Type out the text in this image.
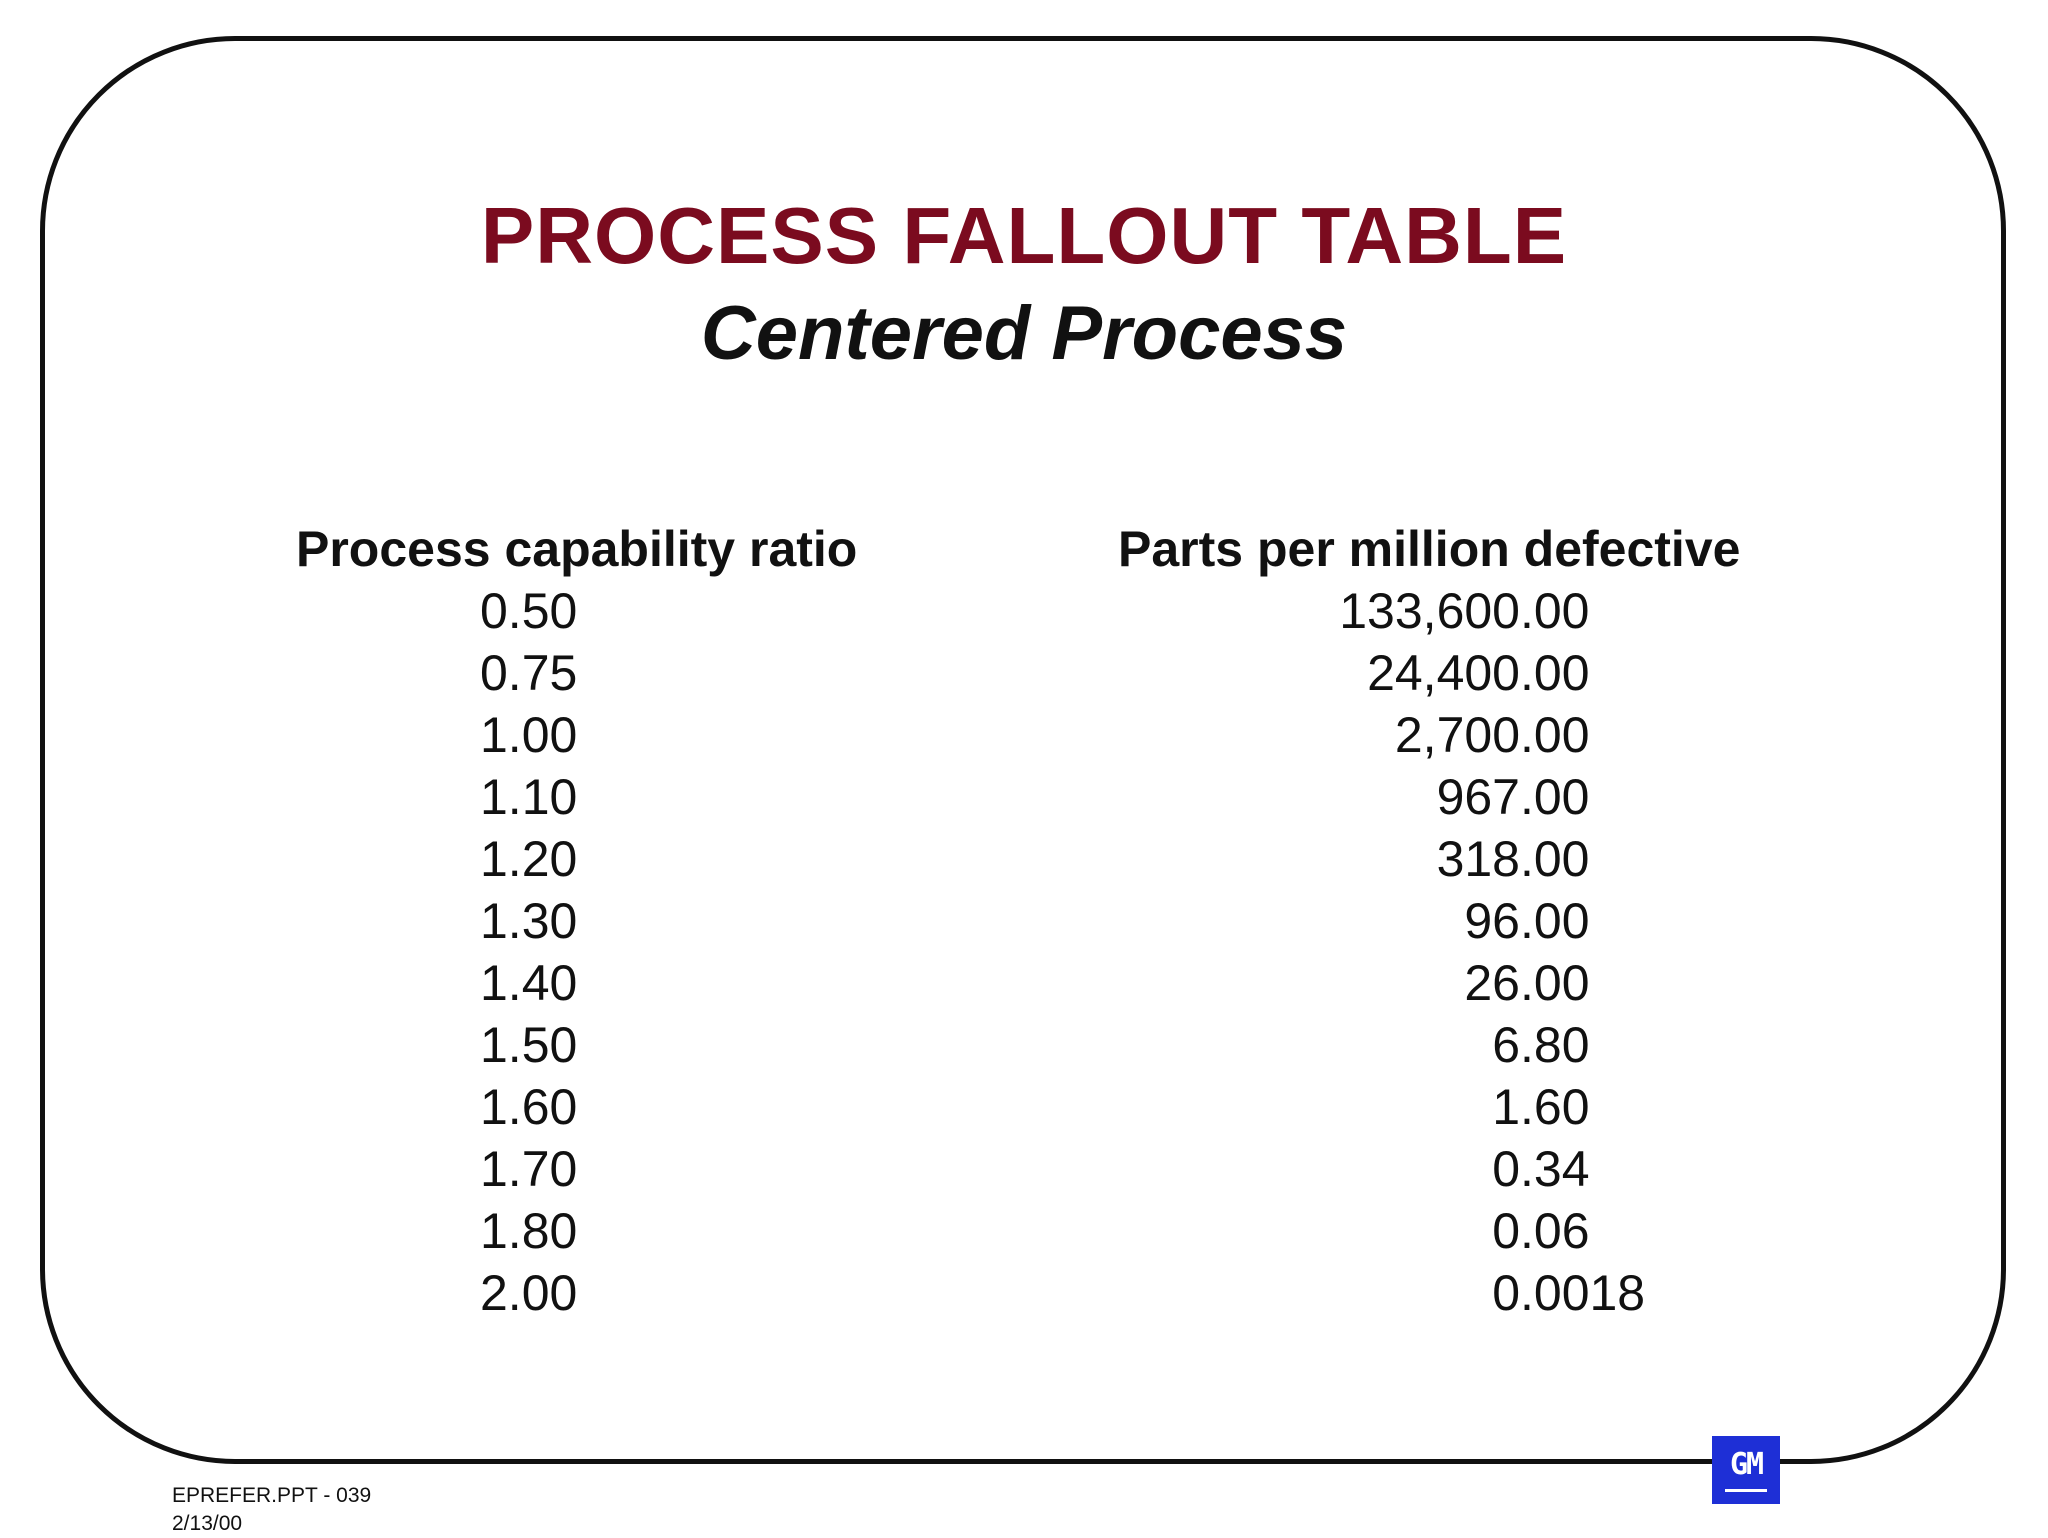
PROCESS FALLOUT TABLE
Centered Process
Process capability ratio	Parts per million defective
0.50	133,600.00
0.75	24,400.00
1.00	2,700.00
1.10	967.00
1.20	318.00
1.30	96.00
1.40	26.00
1.50	6.80
1.60	1.60
1.70	0.34
1.80	0.06
2.00	0.0018
EPREFER.PPT - 039
2/13/00
GM
